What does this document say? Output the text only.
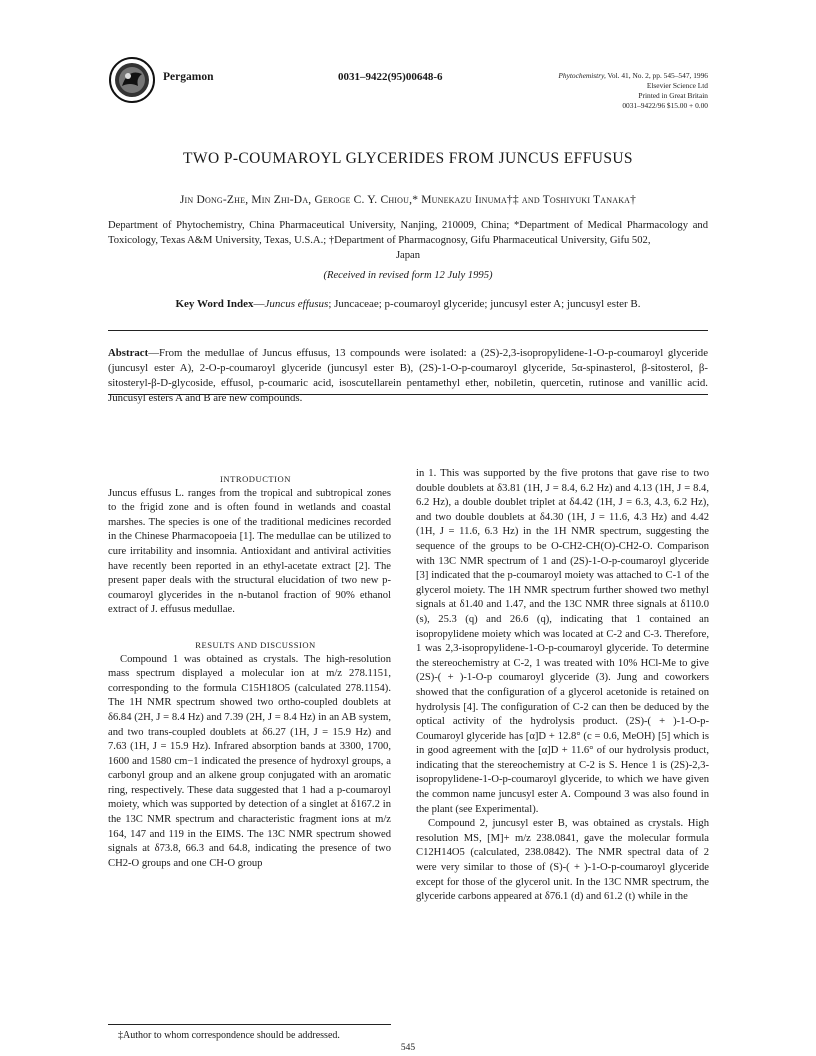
Pergamon	0031–9422(95)00648-6	Phytochemistry, Vol. 41, No. 2, pp. 545–547, 1996
Elsevier Science Ltd
Printed in Great Britain
0031–9422/96 $15.00 + 0.00
TWO P-COUMAROYL GLYCERIDES FROM JUNCUS EFFUSUS
Jin Dong-Zhe, Min Zhi-Da, Geroge C. Y. Chiou,* Munekazu Iinuma†‡ and Toshiyuki Tanaka†
Department of Phytochemistry, China Pharmaceutical University, Nanjing, 210009, China; *Department of Medical Pharmacology and Toxicology, Texas A&M University, Texas, U.S.A.; †Department of Pharmacognosy, Gifu Pharmaceutical University, Gifu 502,
Japan
(Received in revised form 12 July 1995)
Key Word Index—Juncus effusus; Juncaceae; p-coumaroyl glyceride; juncusyl ester A; juncusyl ester B.
Abstract—From the medullae of Juncus effusus, 13 compounds were isolated: a (2S)-2,3-isopropylidene-1-O-p-coumaroyl glyceride (juncusyl ester A), 2-O-p-coumaroyl glyceride (juncusyl ester B), (2S)-1-O-p-coumaroyl glyceride, 5α-spinasterol, β-sitosterol, β-sitosteryl-β-D-glycoside, effusol, p-coumaric acid, isoscutellarein pentamethyl ether, nobiletin, quercetin, rutinose and vanillic acid. Juncusyl esters A and B are new compounds.

INTRODUCTION

Juncus effusus L. ranges from the tropical and subtropical zones to the frigid zone and is often found in wetlands and coastal marshes. The species is one of the traditional medicines recorded in the Chinese Pharmacopoeia [1]. The medullae can be utilized to cure irritability and insomnia. Antioxidant and antiviral activities have recently been reported in an ethyl-acetate extract [2]. The present paper deals with the structural elucidation of two new p-coumaroyl glycerides in the n-butanol fraction of 90% ethanol extract of J. effusus medullae.

RESULTS AND DISCUSSION

Compound 1 was obtained as crystals. The high-resolution mass spectrum displayed a molecular ion at m/z 278.1151, corresponding to the formula C15H18O5 (calculated 278.1154). The 1H NMR spectrum showed two ortho-coupled doublets at δ6.84 (2H, J = 8.4 Hz) and 7.39 (2H, J = 8.4 Hz) in an AB system, and two trans-coupled doublets at δ6.27 (1H, J = 15.9 Hz) and 7.63 (1H, J = 15.9 Hz). Infrared absorption bands at 3300, 1700, 1600 and 1580 cm−1 indicated the presence of hydroxyl groups, a carbonyl group and an alkene group conjugated with an aromatic ring, respectively. These data suggested that 1 had a p-coumaroyl moiety, which was supported by detection of a singlet at δ167.2 in the 13C NMR spectrum and characteristic fragment ions at m/z 164, 147 and 119 in the EIMS. The 13C NMR spectrum showed signals at δ73.8, 66.3 and 64.8, indicating the presence of two CH2-O groups and one CH-O group

in 1. This was supported by the five protons that gave rise to two double doublets at δ3.81 (1H, J = 8.4, 6.2 Hz) and 4.13 (1H, J = 8.4, 6.2 Hz), a double doublet triplet at δ4.42 (1H, J = 6.3, 4.3, 6.2 Hz), and two double doublets at δ4.30 (1H, J = 11.6, 4.3 Hz) and 4.42 (1H, J = 11.6, 6.3 Hz) in the 1H NMR spectrum, suggesting the sequence of the groups to be O-CH2-CH(O)-CH2-O. Comparison with 13C NMR spectrum of 1 and (2S)-1-O-p-coumaroyl glyceride [3] indicated that the p-coumaroyl moiety was attached to C-1 of the glycerol moiety. The 1H NMR spectrum further showed two methyl signals at δ1.40 and 1.47, and the 13C NMR three signals at δ110.0 (s), 25.3 (q) and 26.6 (q), indicating that 1 contained an isopropylidene moiety which was located at C-2 and C-3. Therefore, 1 was 2,3-isopropylidene-1-O-p-coumaroyl glyceride. To determine the stereochemistry at C-2, 1 was treated with 10% HCl-Me to give (2S)-( + )-1-O-p coumaroyl glyceride (3). Jung and coworkers showed that the configuration of a glycerol acetonide is retained on hydrolysis [4]. The configuration of C-2 can then be deduced by the optical activity of the hydrolysis product. (2S)-( + )-1-O-p-Coumaroyl glyceride has [α]D + 12.8° (c = 0.6, MeOH) [5] which is in good agreement with the [α]D + 11.6° of our hydrolysis product, indicating that the stereochemistry at C-2 is S. Hence 1 is (2S)-2,3-isopropylidene-1-O-p-coumaroyl glyceride, to which we have given the common name juncusyl ester A. Compound 3 was also found in the plant (see Experimental).

Compound 2, juncusyl ester B, was obtained as crystals. High resolution MS, [M]+ m/z 238.0841, gave the molecular formula C12H14O5 (calculated, 238.0842). The NMR spectral data of 2 were very similar to those of (S)-( + )-1-O-p-coumaroyl glyceride except for those of the glycerol unit. In the 13C NMR spectrum, the glyceride carbons appeared at δ76.1 (d) and 61.2 (t) while in the

‡Author to whom correspondence should be addressed.
545
